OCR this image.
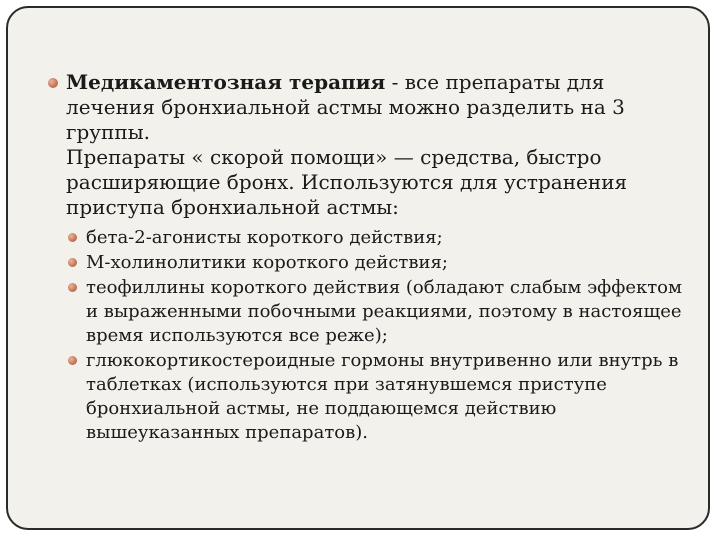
Медикаментозная терапия - все препараты для лечения бронхиальной астмы можно разделить на 3 группы.
Препараты « скорой помощи» — средства, быстро расширяющие бронх. Используются для устранения приступа бронхиальной астмы:
бета-2-агонисты короткого действия;
М-холинолитики короткого действия;
теофиллины короткого действия (обладают слабым эффектом и выраженными побочными реакциями, поэтому в настоящее время используются все реже);
глюкокортикостероидные гормоны внутривенно или внутрь в таблетках (используются при затянувшемся приступе бронхиальной астмы, не поддающемся действию вышеуказанных препаратов).
